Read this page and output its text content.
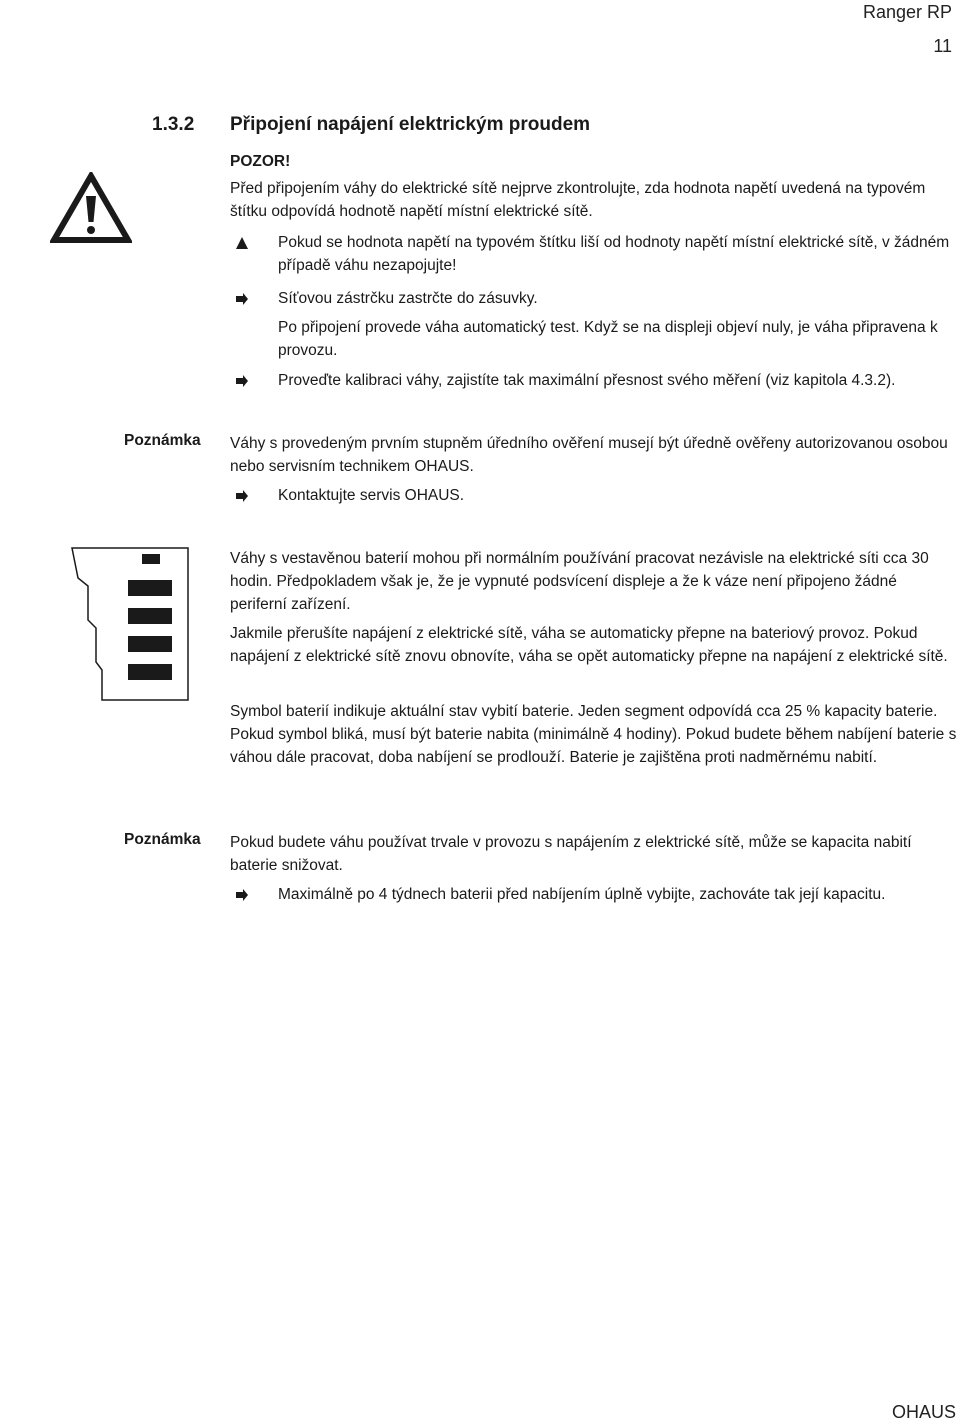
Ranger RP
11
1.3.2 Připojení napájení elektrickým proudem
POZOR!

Před připojením váhy do elektrické sítě nejprve zkontrolujte, zda hodnota napětí uvedená na typovém štítku odpovídá hodnotě napětí místní elektrické sítě.

Pokud se hodnota napětí na typovém štítku liší od hodnoty napětí místní elektrické sítě, v žádném případě váhu nezapojujte!

Síťovou zástrčku zastrčte do zásuvky.

Po připojení provede váha automatický test. Když se na displeji objeví nuly, je váha připravena k provozu.

Proveďte kalibraci váhy, zajistíte tak maximální přesnost svého měření (viz kapitola 4.3.2).

Poznámka Váhy s provedeným prvním stupněm úředního ověření musejí být úředně ověřeny autorizovanou osobou nebo servisním technikem OHAUS.

Kontaktujte servis OHAUS.

Váhy s vestavěnou baterií mohou při normálním používání pracovat nezávisle na elektrické síti cca 30 hodin. Předpokladem však je, že je vypnuté podsvícení displeje a že k váze není připojeno žádné periferní zařízení.

Jakmile přerušíte napájení z elektrické sítě, váha se automaticky přepne na bateriový provoz. Pokud napájení z elektrické sítě znovu obnovíte, váha se opět automaticky přepne na napájení z elektrické sítě.

Symbol baterií indikuje aktuální stav vybití baterie. Jeden segment odpovídá cca 25 % kapacity baterie. Pokud symbol bliká, musí být baterie nabita (minimálně 4 hodiny). Pokud budete během nabíjení baterie s váhou dále pracovat, doba nabíjení se prodlouží. Baterie je zajištěna proti nadměrnému nabití.

Poznámka Pokud budete váhu používat trvale v provozu s napájením z elektrické sítě, může se kapacita nabití baterie snižovat.

Maximálně po 4 týdnech baterii před nabíjením úplně vybijte, zachováte tak její kapacitu.

OHAUS
